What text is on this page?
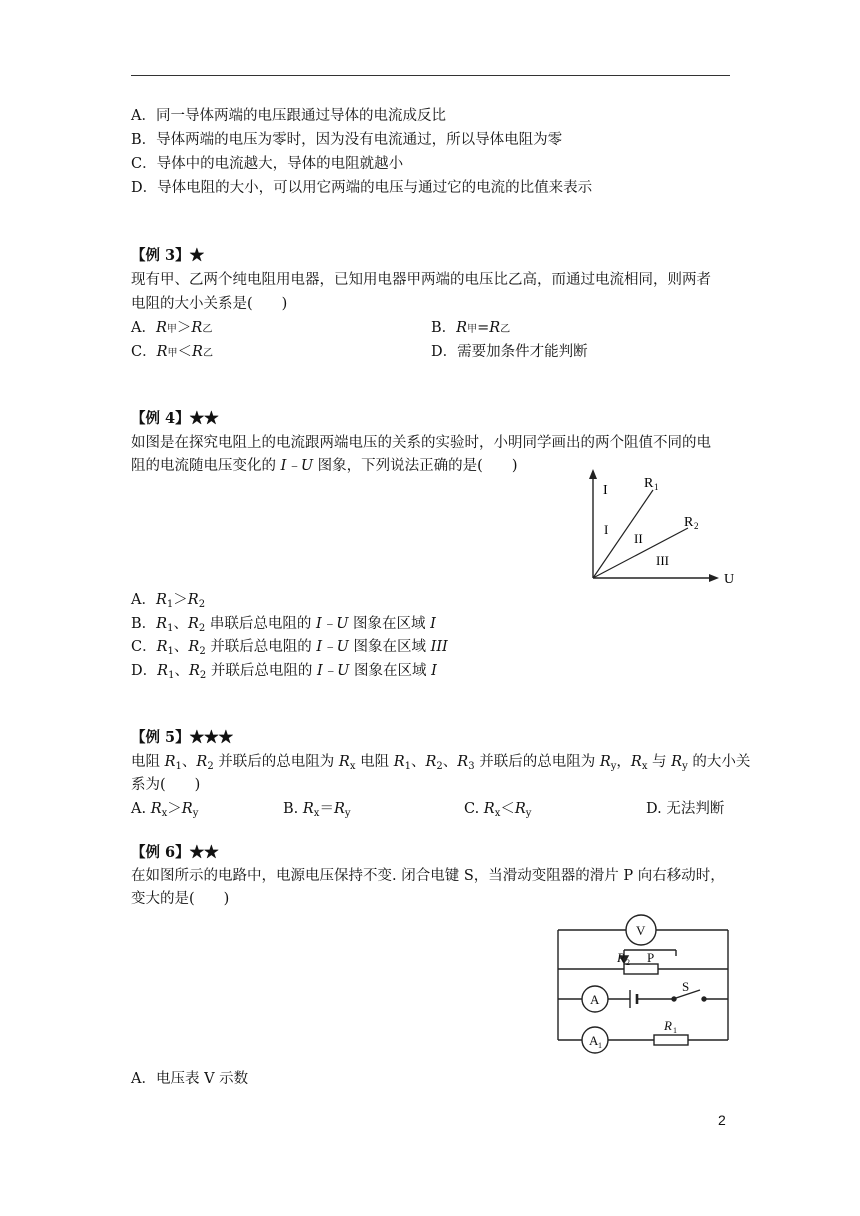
A．同一导体两端的电压跟通过导体的电流成反比
B．导体两端的电压为零时，因为没有电流通过，所以导体电阻为零
C．导体中的电流越大，导体的电阻就越小
D．导体电阻的大小，可以用它两端的电压与通过它的电流的比值来表示
【例 3】★
现有甲、乙两个纯电阻用电器，已知用电器甲两端的电压比乙高，而通过电流相同，则两者
电阻的大小关系是(　　)
A．R甲＞R乙	B．R甲=R乙
C．R甲＜R乙	D．需要加条件才能判断
【例 4】★★
如图是在探究电阻上的电流跟两端电压的关系的实验时，小明同学画出的两个阻值不同的电
阻的电流随电压变化的 I﹣U 图象，下列说法正确的是(　　)
I
U
R 1
R 2
I
II
III
A．$R_1>R_2$
B．$R_1$、$R_2$ 串联后总电阻的 I﹣U 图象在区域 I
C．$R_1$、$R_2$ 并联后总电阻的 I﹣U 图象在区域 III
D．$R_1$、$R_2$ 并联后总电阻的 I﹣U 图象在区域 I
【例 5】★★★
电阻 $R_1$、$R_2$ 并联后的总电阻为 $R_x$ 电阻 $R_1$、$R_2$、$R_3$ 并联后的总电阻为 $R_y$，$R_x$ 与 $R_y$ 的大小关
系为(　　)
A. $R_x>R_y$	B. $R_x=R_y$	C. $R_x<R_y$	D. 无法判断
【例 6】★★
在如图所示的电路中，电源电压保持不变. 闭合电键 S，当滑动变阻器的滑片 P 向右移动时，
变大的是(　　)
V
A
A 1
R 2 P
S
R 1
A．电压表 V 示数
2
